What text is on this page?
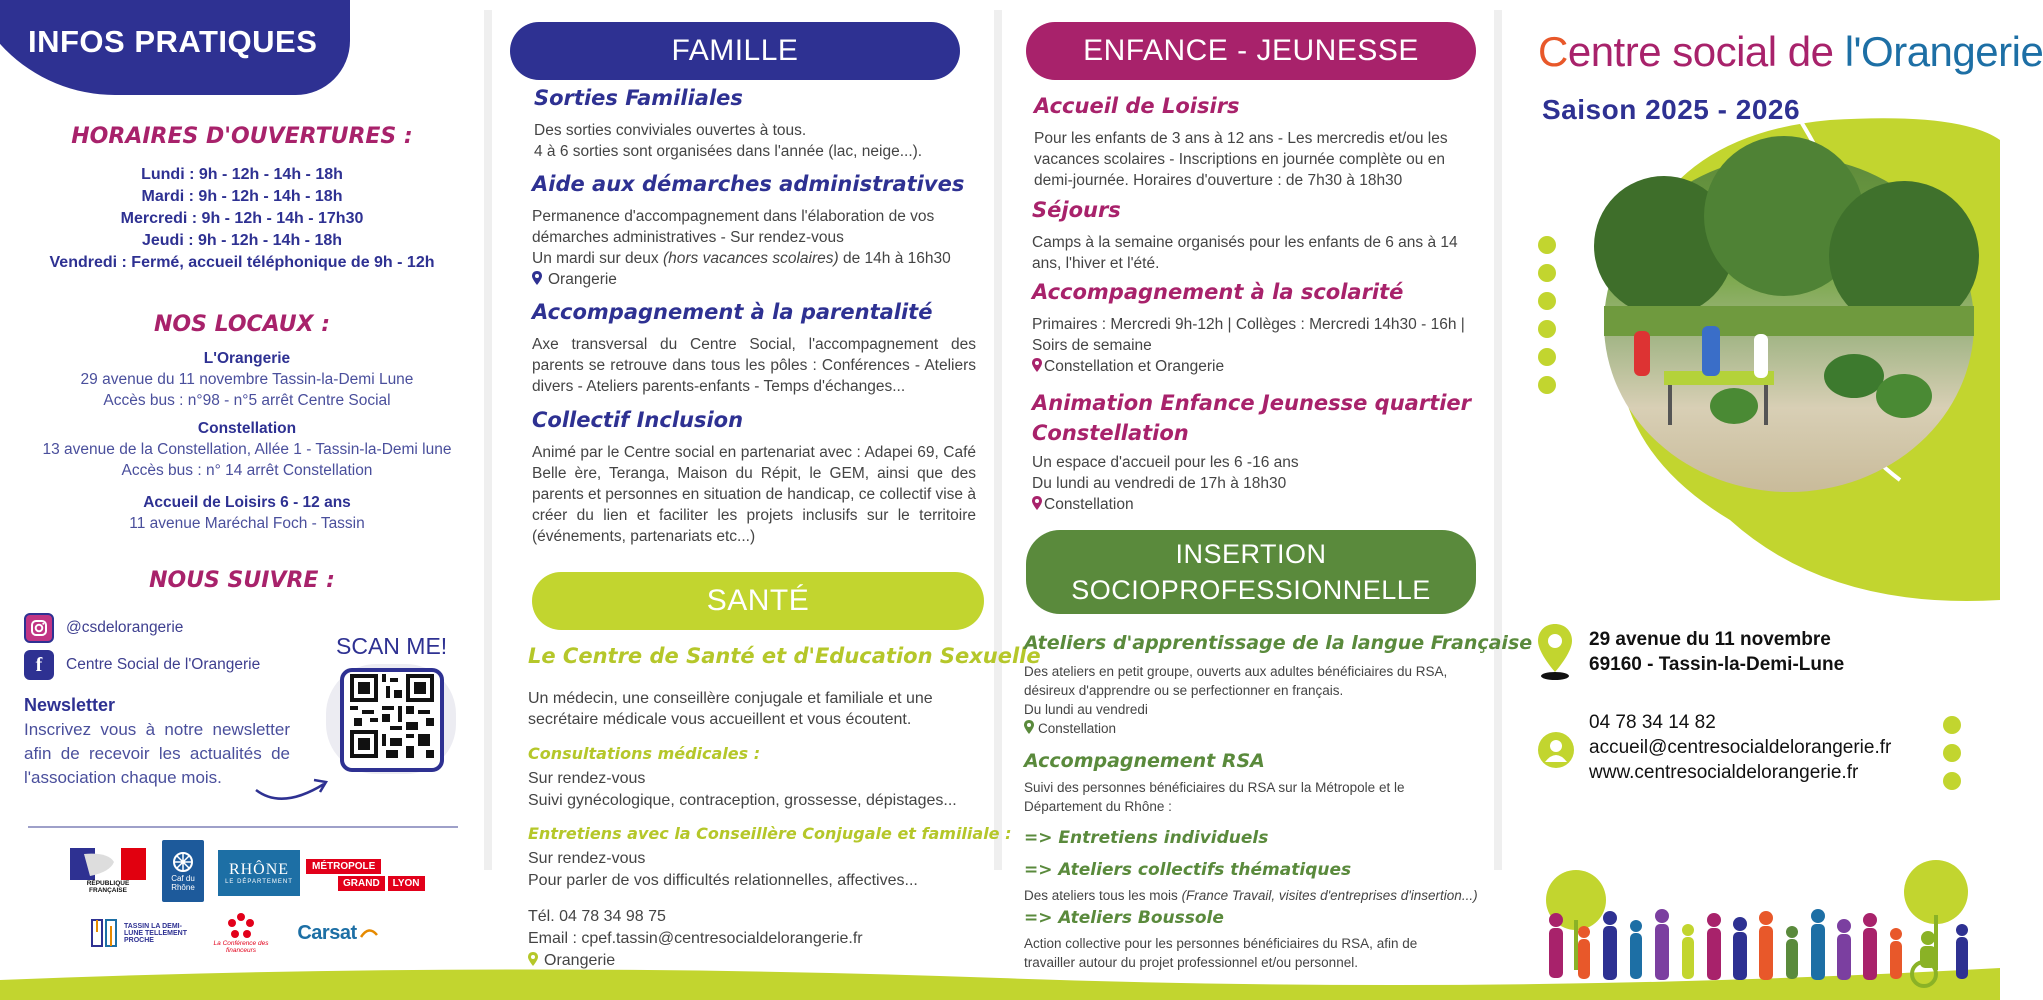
INFOS PRATIQUES
HORAIRES D'OUVERTURES :
Lundi : 9h - 12h - 14h - 18h
Mardi : 9h - 12h - 14h - 18h
Mercredi : 9h - 12h - 14h - 17h30
Jeudi : 9h - 12h - 14h - 18h
Vendredi : Fermé, accueil téléphonique de 9h - 12h
NOS LOCAUX :
L'Orangerie
29 avenue du 11 novembre Tassin-la-Demi Lune
Accès bus : n°98 - n°5 arrêt Centre Social
Constellation
13 avenue de la Constellation, Allée 1 - Tassin-la-Demi lune
Accès bus : n° 14 arrêt Constellation
Accueil de Loisirs 6 - 12 ans
11 avenue Maréchal Foch - Tassin
NOUS SUIVRE :
@csdelorangerie
f	Centre Social de l'Orangerie
Newsletter
Inscrivez vous à notre newsletter afin de recevoir les actualités de l'association chaque mois.
SCAN ME!
RÉPUBLIQUE FRANÇAISE
Caf du Rhône
RHÔNE
LE DÉPARTEMENT
MÉTROPOLE
GRAND	LYON
TASSIN LA DEMI-LUNE TELLEMENT PROCHE	La Conférence des financeurs
Carsat
FAMILLE
Sorties Familiales
Des sorties conviviales ouvertes à tous.
4 à 6 sorties sont organisées dans l'année (lac, neige...).
Aide aux démarches administratives
Permanence d'accompagnement dans l'élaboration de vos
démarches administratives - Sur rendez-vous
Un mardi sur deux (hors vacances scolaires) de 14h à 16h30
Orangerie
Accompagnement à la parentalité
Axe transversal du Centre Social, l'accompagnement des parents se retrouve dans tous les pôles : Conférences - Ateliers divers - Ateliers parents-enfants - Temps d'échanges...
Collectif Inclusion
Animé par le Centre social en partenariat avec : Adapei 69, Café Belle ère, Teranga, Maison du Répit, le GEM, ainsi que des parents et personnes en situation de handicap, ce collectif vise à créer du lien et faciliter les projets inclusifs sur le territoire (événements, partenariats etc...)
SANTÉ
Le Centre de Santé et d'Education Sexuelle
Un médecin, une conseillère conjugale et familiale et une secrétaire médicale vous accueillent et vous écoutent.
Consultations médicales :
Sur rendez-vous
Suivi gynécologique, contraception, grossesse, dépistages...
Entretiens avec la Conseillère Conjugale et familiale :
Sur rendez-vous
Pour parler de vos difficultés relationnelles, affectives...
Tél. 04 78 34 98 75
Email : cpef.tassin@centresocialdelorangerie.fr
Orangerie
ENFANCE - JEUNESSE
Accueil de Loisirs
Pour les enfants de 3 ans à 12 ans - Les mercredis et/ou les vacances scolaires - Inscriptions en journée complète ou en demi-journée. Horaires d'ouverture : de 7h30 à 18h30
Séjours
Camps à la semaine organisés pour les enfants de 6 ans à 14 ans, l'hiver et l'été.
Accompagnement à la scolarité
Primaires : Mercredi 9h-12h | Collèges : Mercredi 14h30 - 16h | Soirs de semaine
Constellation et Orangerie
Animation Enfance Jeunesse quartier
Constellation
Un espace d'accueil pour les 6 -16 ans
Du lundi au vendredi de 17h à 18h30
Constellation
INSERTION
SOCIOPROFESSIONNELLE
Ateliers d'apprentissage de la langue Française
Des ateliers en petit groupe, ouverts aux adultes bénéficiaires du RSA,
désireux d'apprendre ou se perfectionner en français.
Du lundi au vendredi
Constellation
Accompagnement RSA
Suivi des personnes bénéficiaires du RSA sur la Métropole et le
Département du Rhône :
=> Entretiens individuels
=> Ateliers collectifs thématiques
Des ateliers tous les mois (France Travail, visites d'entreprises d'insertion...)
=> Ateliers Boussole
Action collective pour les personnes bénéficiaires du RSA, afin de
travailler autour du projet professionnel et/ou personnel.
Centre social de l'Orangerie
Saison 2025 - 2026
29 avenue du 11 novembre
69160 - Tassin-la-Demi-Lune
04 78 34 14 82
accueil@centresocialdelorangerie.fr
www.centresocialdelorangerie.fr
